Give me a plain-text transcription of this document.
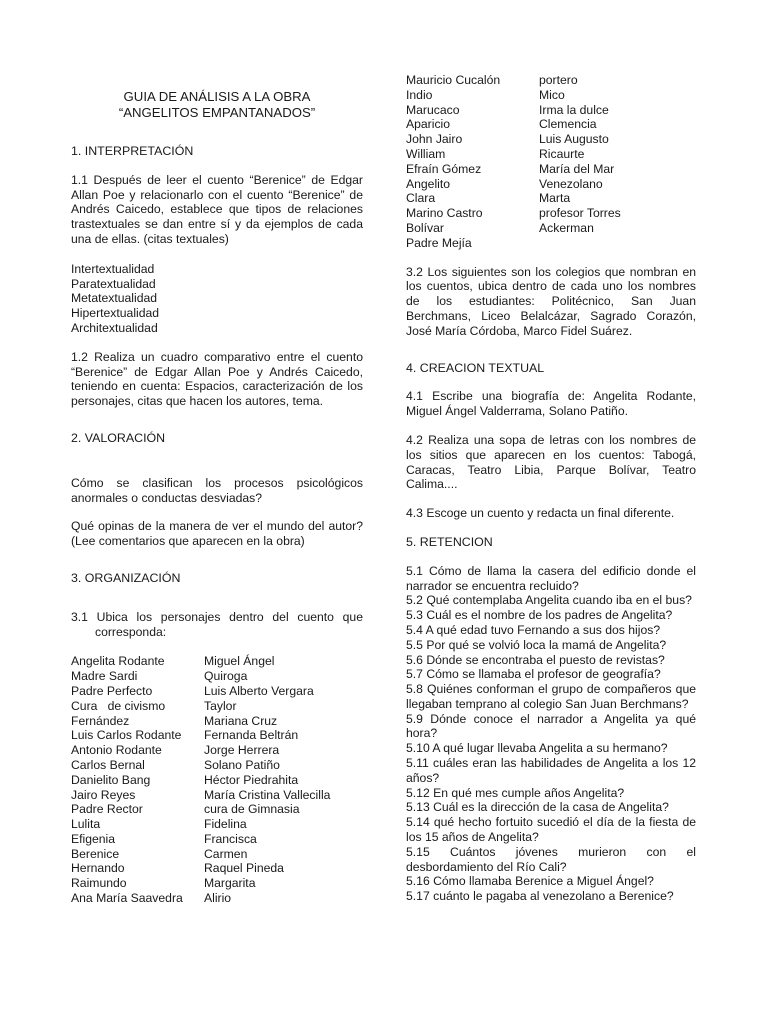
GUIA DE ANÁLISIS A LA OBRA

“ANGELITOS EMPANTANADOS”

1. INTERPRETACIÓN

1.1 Después de leer el cuento “Berenice” de Edgar Allan Poe y relacionarlo con el cuento “Berenice” de Andrés Caicedo, establece que tipos de relaciones trastextuales se dan entre sí y da ejemplos de cada una de ellas. (citas textuales)

Intertextualidad

Paratextualidad

Metatextualidad

Hipertextualidad

Architextualidad

1.2 Realiza un cuadro comparativo entre el cuento “Berenice” de Edgar Allan Poe y Andrés Caicedo, teniendo en cuenta: Espacios, caracterización de los personajes, citas que hacen los autores, tema.

2. VALORACIÓN

Cómo se clasifican los procesos psicológicos anormales o conductas desviadas?

Qué opinas de la manera de ver el mundo del autor? (Lee comentarios que aparecen en la obra)

3. ORGANIZACIÓN

3.1 Ubica los personajes dentro del cuento que corresponda:

Angelita Rodante	Miguel Ángel
Madre Sardi	Quiroga
Padre Perfecto	Luis Alberto Vergara
Cura   de civismo	Taylor
Fernández	Mariana Cruz
Luis Carlos Rodante	Fernanda Beltrán
Antonio Rodante	Jorge Herrera
Carlos Bernal	Solano Patiño
Danielito Bang	Héctor Piedrahita
Jairo Reyes	María Cristina Vallecilla
Padre Rector	cura de Gimnasia
Lulita	Fidelina
Efigenia	Francisca
Berenice	Carmen
Hernando	Raquel Pineda
Raimundo	Margarita
Ana María Saavedra	Alirio
Mauricio Cucalón	portero
Indio	Mico
Marucaco	Irma la dulce
Aparicio	Clemencia
John Jairo	Luis Augusto
William	Ricaurte
Efraín Gómez	María del Mar
Angelito	Venezolano
Clara	Marta
Marino Castro	profesor Torres
Bolívar	Ackerman
Padre Mejía

3.2 Los siguientes son los colegios que nombran en los cuentos, ubica dentro de cada uno los nombres de los estudiantes: Politécnico, San Juan Berchmans, Liceo Belalcázar, Sagrado Corazón, José María Córdoba, Marco Fidel Suárez.

4. CREACION TEXTUAL

4.1 Escribe una biografía de: Angelita Rodante, Miguel Ángel Valderrama, Solano Patiño.

4.2 Realiza una sopa de letras con los nombres de los sitios que aparecen en los cuentos: Tabogá, Caracas, Teatro Libia, Parque Bolívar, Teatro Calima....

4.3 Escoge un cuento y redacta un final diferente.

5. RETENCION

5.1 Cómo de llama la casera del edificio donde el narrador se encuentra recluido?

5.2 Qué contemplaba Angelita cuando iba en el bus?

5.3 Cuál es el nombre de los padres de Angelita?

5.4 A qué edad tuvo Fernando a sus dos hijos?

5.5 Por qué se volvió loca la mamá de Angelita?

5.6 Dónde se encontraba el puesto de revistas?

5.7 Cómo se llamaba el profesor de geografía?

5.8 Quiénes conforman el grupo de compañeros que llegaban temprano al colegio San Juan Berchmans?

5.9 Dónde conoce el narrador a Angelita ya qué hora?

5.10 A qué lugar llevaba Angelita a su hermano?

5.11 cuáles eran las habilidades de Angelita a los 12 años?

5.12 En qué mes cumple años Angelita?

5.13 Cuál es la dirección de la casa de Angelita?

5.14 qué hecho fortuito sucedió el día de la fiesta de los 15 años de Angelita?

5.15 Cuántos jóvenes murieron con el desbordamiento del Río Cali?

5.16 Cómo llamaba Berenice a Miguel Ángel?

5.17 cuánto le pagaba al venezolano a Berenice?
